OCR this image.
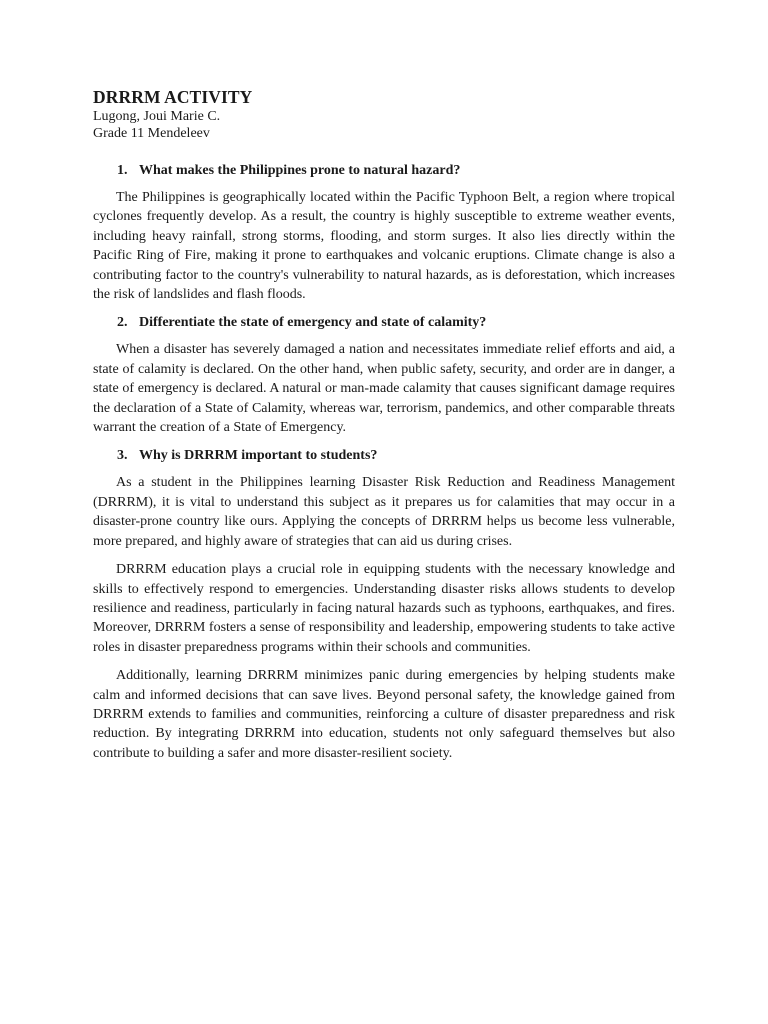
DRRRM ACTIVITY

Lugong, Joui Marie C.

Grade 11 Mendeleev

1. What makes the Philippines prone to natural hazard?

The Philippines is geographically located within the Pacific Typhoon Belt, a region where tropical cyclones frequently develop. As a result, the country is highly susceptible to extreme weather events, including heavy rainfall, strong storms, flooding, and storm surges. It also lies directly within the Pacific Ring of Fire, making it prone to earthquakes and volcanic eruptions. Climate change is also a contributing factor to the country's vulnerability to natural hazards, as is deforestation, which increases the risk of landslides and flash floods.

2. Differentiate the state of emergency and state of calamity?

When a disaster has severely damaged a nation and necessitates immediate relief efforts and aid, a state of calamity is declared. On the other hand, when public safety, security, and order are in danger, a state of emergency is declared. A natural or man-made calamity that causes significant damage requires the declaration of a State of Calamity, whereas war, terrorism, pandemics, and other comparable threats warrant the creation of a State of Emergency.

3. Why is DRRRM important to students?

As a student in the Philippines learning Disaster Risk Reduction and Readiness Management (DRRRM), it is vital to understand this subject as it prepares us for calamities that may occur in a disaster-prone country like ours. Applying the concepts of DRRRM helps us become less vulnerable, more prepared, and highly aware of strategies that can aid us during crises.

DRRRM education plays a crucial role in equipping students with the necessary knowledge and skills to effectively respond to emergencies. Understanding disaster risks allows students to develop resilience and readiness, particularly in facing natural hazards such as typhoons, earthquakes, and fires. Moreover, DRRRM fosters a sense of responsibility and leadership, empowering students to take active roles in disaster preparedness programs within their schools and communities.

Additionally, learning DRRRM minimizes panic during emergencies by helping students make calm and informed decisions that can save lives. Beyond personal safety, the knowledge gained from DRRRM extends to families and communities, reinforcing a culture of disaster preparedness and risk reduction. By integrating DRRRM into education, students not only safeguard themselves but also contribute to building a safer and more disaster-resilient society.
